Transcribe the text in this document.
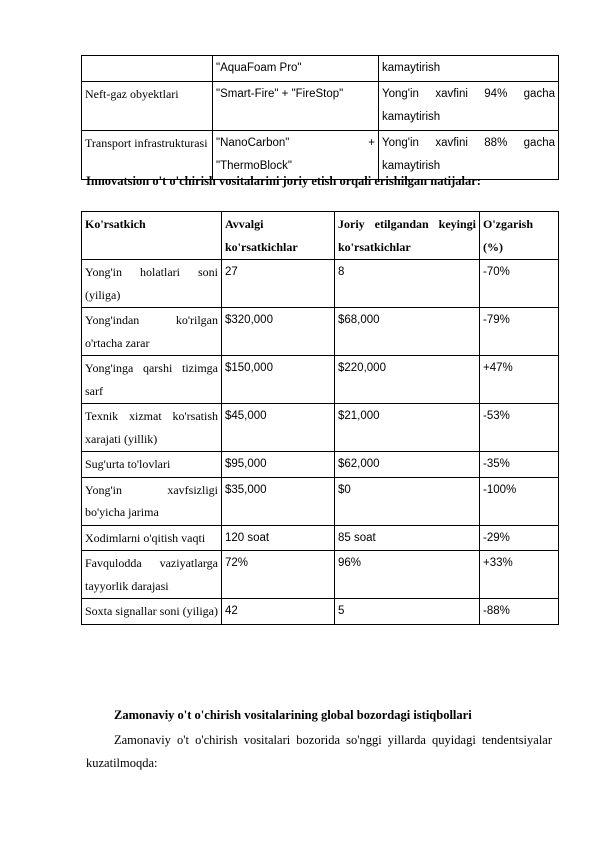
	"AquaFoam Pro"	kamaytirish
Neft-gaz obyektlari	"Smart-Fire" + "FireStop"	Yong'in xavfini 94% gacha kamaytirish
Transport infrastrukturasi	"NanoCarbon" + "ThermoBlock"	Yong'in xavfini 88% gacha kamaytirish
Innovatsion o't o'chirish vositalarini joriy etish orqali erishilgan natijalar:
Ko'rsatkich	Avvalgi ko'rsatkichlar	Joriy etilgandan keyingi ko'rsatkichlar	O'zgarish (%)
Yong'in holatlari soni (yiliga)	27	8	-70%
Yong'indan ko'rilgan o'rtacha zarar	$320,000	$68,000	-79%
Yong'inga qarshi tizimga sarf	$150,000	$220,000	+47%
Texnik xizmat ko'rsatish xarajati (yillik)	$45,000	$21,000	-53%
Sug'urta to'lovlari	$95,000	$62,000	-35%
Yong'in xavfsizligi bo'yicha jarima	$35,000	$0	-100%
Xodimlarni o'qitish vaqti	120 soat	85 soat	-29%
Favqulodda vaziyatlarga tayyorlik darajasi	72%	96%	+33%
Soxta signallar soni (yiliga)	42	5	-88%
Zamonaviy o't o'chirish vositalarining global bozordagi istiqbollari
Zamonaviy o't o'chirish vositalari bozorida so'nggi yillarda quyidagi tendentsiyalar kuzatilmoqda:
